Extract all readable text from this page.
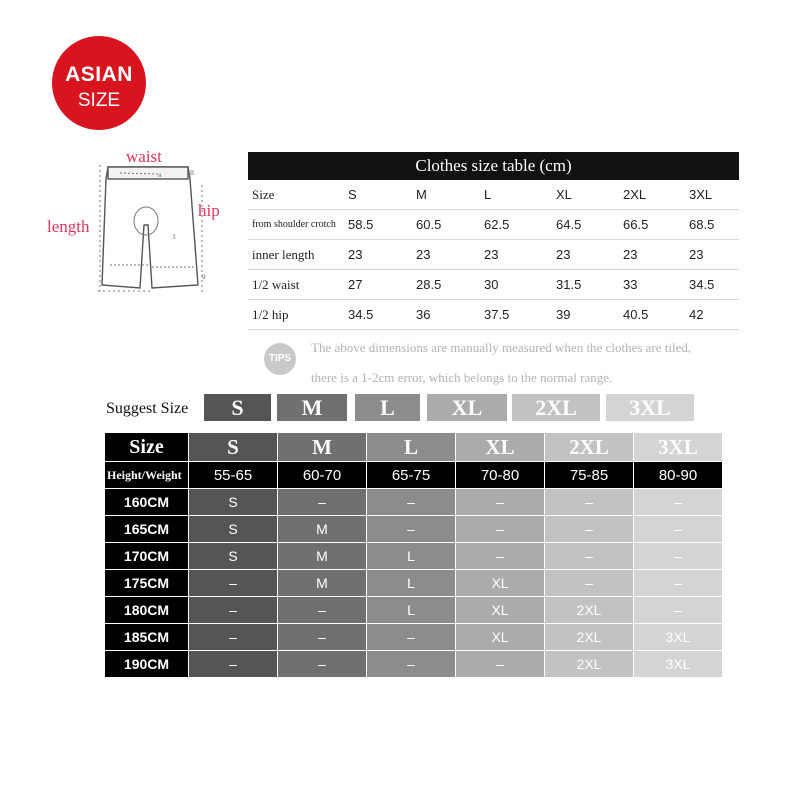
ASIAN
SIZE
a
3
9
B
waist
hip
length
Clothes size table (cm)						
Size	S	M	L	XL	2XL	3XL
from shoulder crotch	58.5	60.5	62.5	64.5	66.5	68.5
inner length	23	23	23	23	23	23
1/2 waist	27	28.5	30	31.5	33	34.5
1/2 hip	34.5	36	37.5	39	40.5	42
TIPS
The above dimensions are manually measured when the clothes are tiled,
there is a 1-2cm error, which belongs to the normal range.
Suggest Size	S	M	L	XL	2XL	3XL
Size	S	M	L	XL	2XL	3XL
Height/Weight	55-65	60-70	65-75	70-80	75-85	80-90
160CM	S	–	–	–	–	–
165CM	S	M	–	–	–	–
170CM	S	M	L	–	–	–
175CM	–	M	L	XL	–	–
180CM	–	–	L	XL	2XL	–
185CM	–	–	–	XL	2XL	3XL
190CM	–	–	–	–	2XL	3XL
